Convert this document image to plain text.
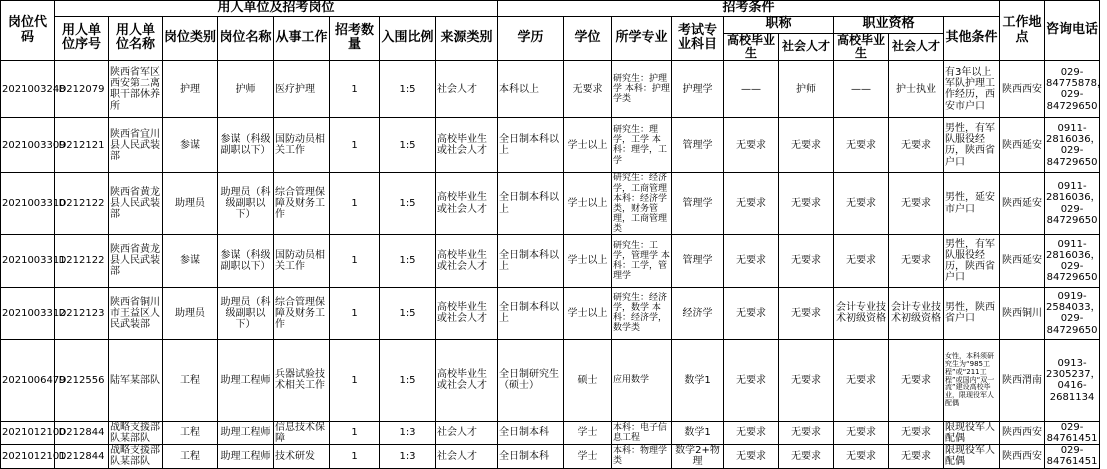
岗位代码	用人单位及招考岗位								招考条件									工作地点	咨询电话
	用人单位序号	用人单位名称	岗位类别	岗位名称	从事工作	招考数量	入围比例	来源类别	学历	学位	所学专业	考试专业科目	职称		职业资格		其他条件		
													高校毕业生	社会人才	高校毕业生	社会人才			
2021003248	D212079	陕西省军区西安第二离职干部休养所	护理	护师	医疗护理	1	1:5	社会人才	本科以上	无要求	研究生：护理学 本科：护理学类	护理学	——	护师	——	护士执业	有3年以上军队护理工作经历，西安市户口	陕西西安	029-84775878，029-84729650
2021003309	D212121	陕西省宜川县人民武装部	参谋	参谋（科级副职以下）	国防动员相关工作	1	1:5	高校毕业生或社会人才	全日制本科以上	学士以上	研究生：理学，工学 本科：理学，工学	管理学	无要求	无要求	无要求	无要求	男性，有军队服役经历，陕西省户口	陕西延安	0911-2816036，029-84729650
2021003310	D212122	陕西省黄龙县人民武装部	助理员	助理员（科级副职以下）	综合管理保障及财务工作	1	1:5	高校毕业生或社会人才	全日制本科以上	学士以上	研究生：经济学，工商管理 本科：经济学类，财务管理，工商管理类	管理学	无要求	无要求	无要求	无要求	男性，延安市户口	陕西延安	0911-2816036，029-84729650
2021003311	D212122	陕西省黄龙县人民武装部	参谋	参谋（科级副职以下）	国防动员相关工作	1	1:5	高校毕业生或社会人才	全日制本科以上	学士以上	研究生：工学，管理学 本科：工学，管理学	管理学	无要求	无要求	无要求	无要求	男性，有军队服役经历，陕西省户口	陕西延安	0911-2816036，029-84729650
2021003312	D212123	陕西省铜川市王益区人民武装部	助理员	助理员（科级副职以下）	综合管理保障及财务工作	1	1:5	高校毕业生或社会人才	全日制本科以上	学士以上	研究生：经济学，数学 本科：经济学，数学类	经济学	无要求	无要求	会计专业技术初级资格	会计专业技术初级资格	男性，陕西省户口	陕西铜川	0919-2584033，029-84729650
2021006479	D212556	陆军某部队	工程	助理工程师	兵器试验技术相关工作	1	1:5	高校毕业生或社会人才	全日制研究生（硕士）	硕士	应用数学	数学1	无要求	无要求	无要求	无要求	女性，本科须研究生为“985工程”或“211工程”或国内“双一流”建设高校毕业，限现役军人配偶	陕西渭南	0913-2305237，0416-2681134
2021012100	D212844	战略支援部队某部队	工程	助理工程师	信息技术保障	1	1:3	社会人才	全日制本科	学士	本科：电子信息工程	数学1	无要求	无要求	无要求	无要求	限现役军人配偶	陕西西安	029-84761451
2021012101	D212844	战略支援部队某部队	工程	助理工程师	技术研发	1	1:3	社会人才	全日制本科	学士	本科：物理学类	数学2+物理	无要求	无要求	无要求	无要求	限现役军人配偶	陕西西安	029-84761451
